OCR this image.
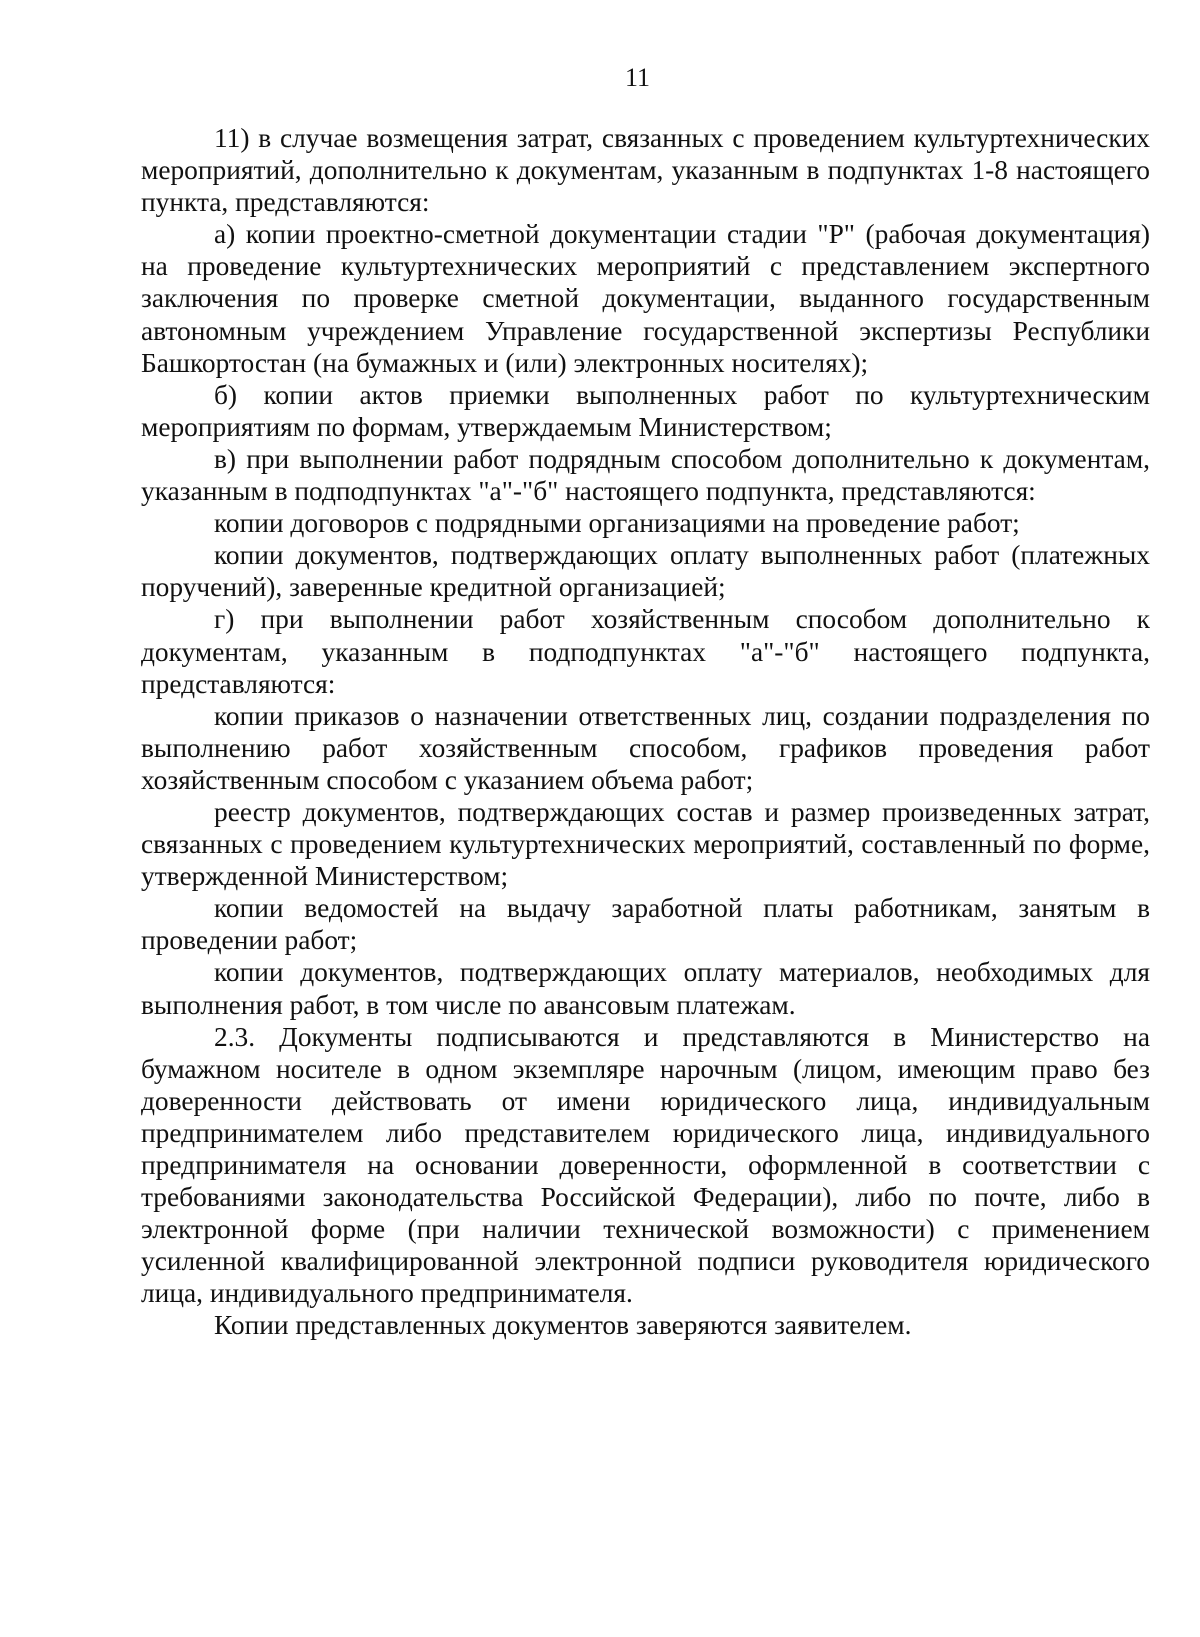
11

11) в случае возмещения затрат, связанных с проведением культуртехнических мероприятий, дополнительно к документам, указанным в подпунктах 1-8 настоящего пункта, представляются:

а) копии проектно-сметной документации стадии "Р" (рабочая документация) на проведение культуртехнических мероприятий с представлением экспертного заключения по проверке сметной документации, выданного государственным автономным учреждением Управление государственной экспертизы Республики Башкортостан (на бумажных и (или) электронных носителях);

б) копии актов приемки выполненных работ по культуртехническим мероприятиям по формам, утверждаемым Министерством;

в) при выполнении работ подрядным способом дополнительно к документам, указанным в подподпунктах "а"-"б" настоящего подпункта, представляются:

копии договоров с подрядными организациями на проведение работ;

копии документов, подтверждающих оплату выполненных работ (платежных поручений), заверенные кредитной организацией;

г) при выполнении работ хозяйственным способом дополнительно к документам, указанным в подподпунктах "а"-"б" настоящего подпункта, представляются:

копии приказов о назначении ответственных лиц, создании подразделения по выполнению работ хозяйственным способом, графиков проведения работ хозяйственным способом с указанием объема работ;

реестр документов, подтверждающих состав и размер произведенных затрат, связанных с проведением культуртехнических мероприятий, составленный по форме, утвержденной Министерством;

копии ведомостей на выдачу заработной платы работникам, занятым в проведении работ;

копии документов, подтверждающих оплату материалов, необходимых для выполнения работ, в том числе по авансовым платежам.

2.3. Документы подписываются и представляются в Министерство на бумажном носителе в одном экземпляре нарочным (лицом, имеющим право без доверенности действовать от имени юридического лица, индивидуальным предпринимателем либо представителем юридического лица, индивидуального предпринимателя на основании доверенности, оформленной в соответствии с требованиями законодательства Российской Федерации), либо по почте, либо в электронной форме (при наличии технической возможности) с применением усиленной квалифицированной электронной подписи руководителя юридического лица, индивидуального предпринимателя.

Копии представленных документов заверяются заявителем.
